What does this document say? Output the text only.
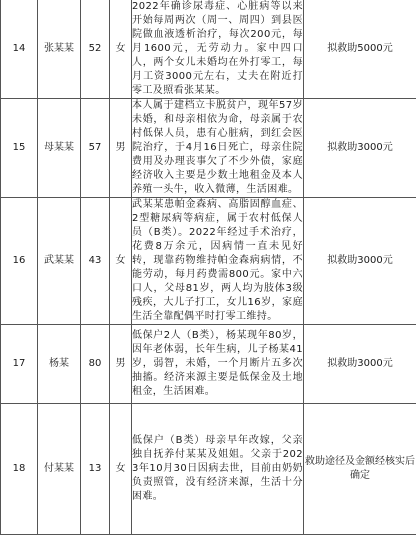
14	张某某	52	女	2022年确诊尿毒症、心脏病等以来开始每周两次（周一、周四）到县医院做血液透析治疗，每次200元，每月1600元，无劳动力。家中四口人，两个女儿未婚均在外打零工，每月工资3000元左右，丈夫在附近打零工及照看张某某。	拟救助5000元
15	母某某	57	男	本人属于建档立卡脱贫户，现年57岁未婚，和母亲相依为命，母亲属于农村低保人员，患有心脏病，到红会医院治疗，于4月16日死亡，母亲住院费用及办理丧事欠了不少外债，家庭经济收入主要是少数土地租金及本人养殖一头牛，收入微薄，生活困难。	拟救助3000元
16	武某某	43	女	武某某患帕金森病、高脂固醇血症、2型糖尿病等病症，属于农村低保人员（B类）。2022年经过手术治疗，花费8万余元，因病情一直未见好转，现靠药物维持帕金森病病情，不能劳动，每月药费需800元。家中六口人，父母81岁，两人均为肢体3级残疾，大儿子打工，女儿16岁，家庭生活全靠配偶平时打零工维持。	拟救助3000元
17	杨某	80	男	低保户2人（B类），杨某现年80岁，因年老体弱，长年生病，儿子杨某41岁，弱智，未婚，一个月断片五多次抽搐。经济来源主要是低保金及土地租金，生活困难。	拟救助3000元
18	付某某	13	女	低保户（B类）母亲早年改嫁，父亲独自抚养付某某及姐姐。父亲于2023年10月30日因病去世，目前由奶奶负责照管，没有经济来源，生活十分困难。	救助途径及金额经核实后确定
